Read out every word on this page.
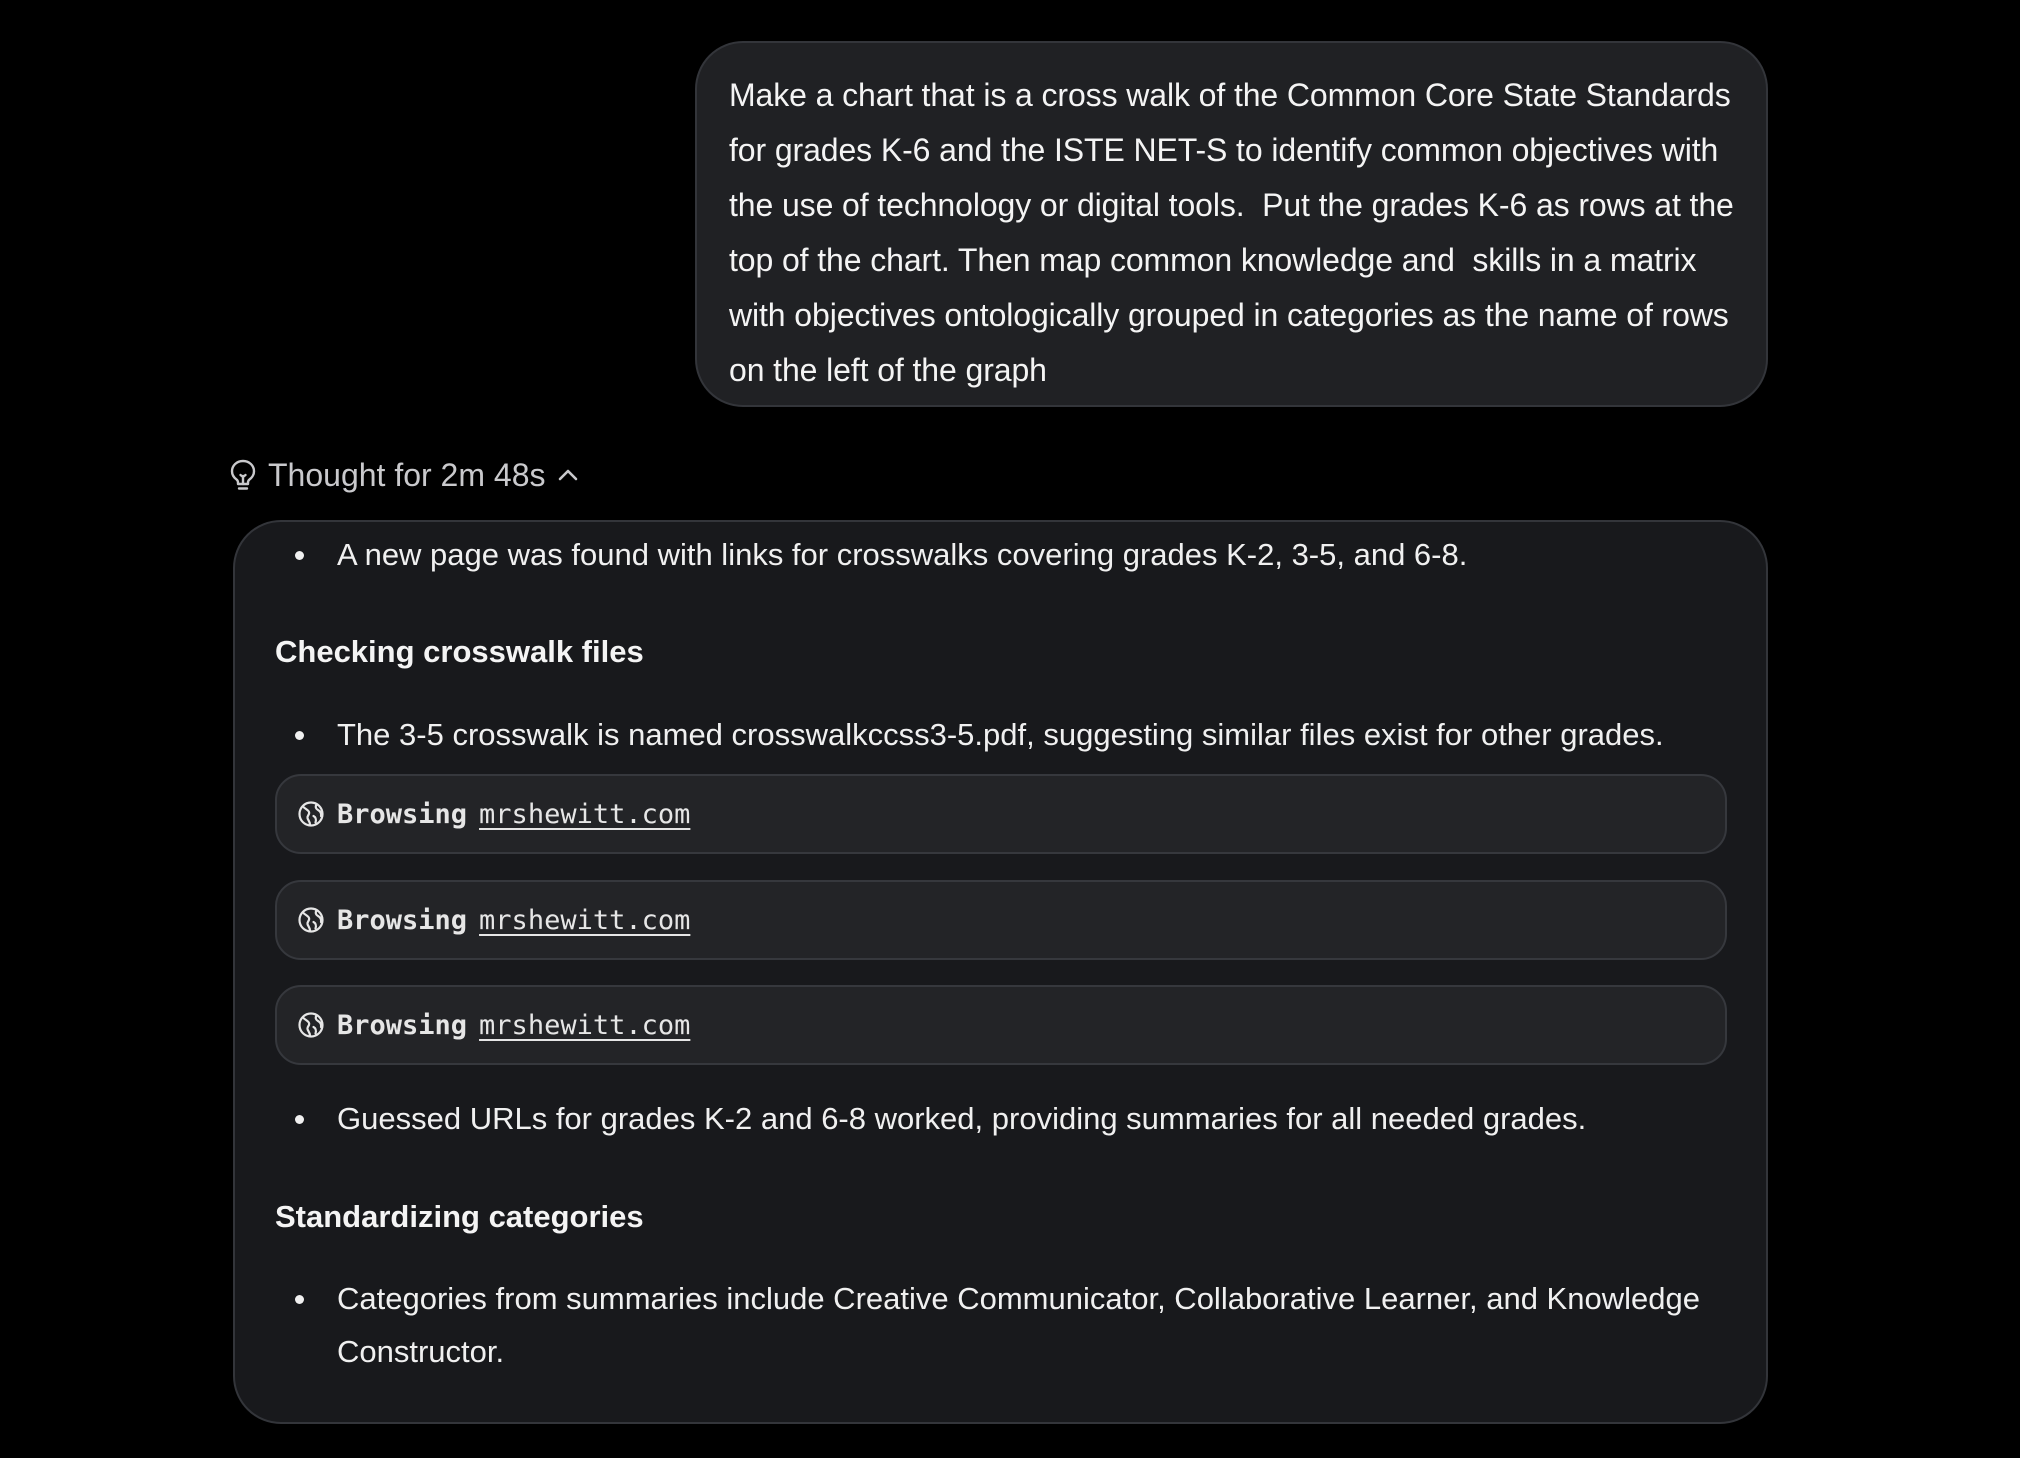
Make a chart that is a cross walk of the Common Core State Standards for grades K-6 and the ISTE NET-S to identify common objectives with the use of technology or digital tools.  Put the grades K-6 as rows at the top of the chart. Then map common knowledge and  skills in a matrix with objectives ontologically grouped in categories as the name of rows on the left of the graph
Thought for 2m 48s
A new page was found with links for crosswalks covering grades K-2, 3-5, and 6-8.
Checking crosswalk files
The 3-5 crosswalk is named crosswalkccss3-5.pdf, suggesting similar files exist for other grades.
Browsing mrshewitt.com
Browsing mrshewitt.com
Browsing mrshewitt.com
Guessed URLs for grades K-2 and 6-8 worked, providing summaries for all needed grades.
Standardizing categories
Categories from summaries include Creative Communicator, Collaborative Learner, and Knowledge Constructor.
